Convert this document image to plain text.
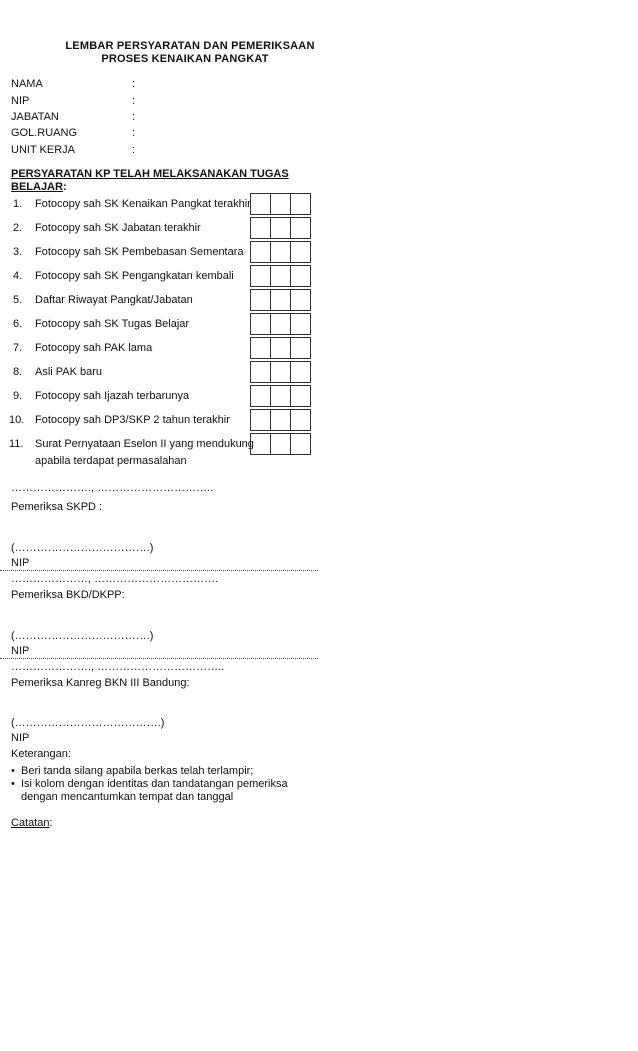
LEMBAR PERSYARATAN DAN PEMERIKSAAN
PROSES KENAIKAN PANGKAT
NAMA	:
NIP	:
JABATAN	:
GOL.RUANG	:
UNIT KERJA	:
PERSYARATAN KP TELAH MELAKSANAKAN TUGAS
BELAJAR:
1.	Fotocopy sah SK Kenaikan Pangkat terakhir
2.	Fotocopy sah SK Jabatan terakhir
3.	Fotocopy sah SK Pembebasan Sementara
4.	Fotocopy sah SK Pengangkatan kembali
5.	Daftar Riwayat Pangkat/Jabatan
6.	Fotocopy sah SK Tugas Belajar
7.	Fotocopy sah PAK lama
8.	Asli PAK baru
9.	Fotocopy sah Ijazah terbarunya
10. Fotocopy sah DP3/SKP 2 tahun terakhir
11.	Surat Pernyataan Eselon II yang mendukung
apabila terdapat permasalahan
…………………., …………………………..
Pemeriksa SKPD :
(……………………………….)
NIP
…………………, …………………………….
Pemeriksa BKD/DKPP:
(……………………………….)
NIP
…………………., ……………………………..
Pemeriksa Kanreg BKN III Bandung:
(………………………………….)
NIP
Keterangan:
• Beri tanda silang apabila berkas telah terlampir;
• Isi kolom dengan identitas dan tandatangan pemeriksa
dengan mencantumkan tempat dan tanggal
Catatan:
